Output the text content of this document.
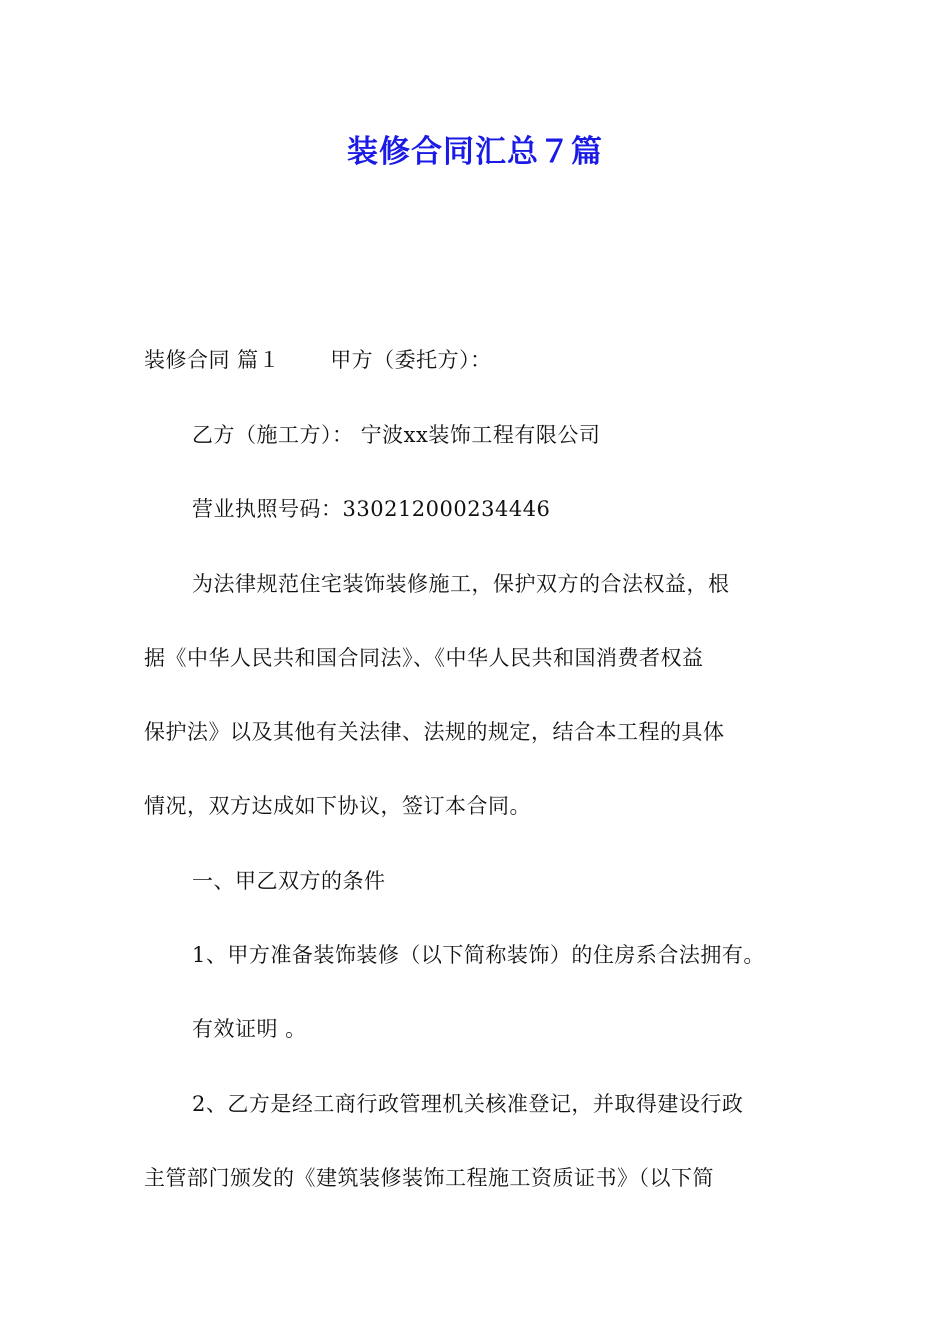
装修合同汇总７篇
装修合同 篇１ 甲方（委托方）：
乙方（施工方）： 宁波xx装饰工程有限公司
营业执照号码：330212000234446
为法律规范住宅装饰装修施工，保护双方的合法权益，根
据《中华人民共和国合同法》、《中华人民共和国消费者权益
保护法》以及其他有关法律、法规的规定，结合本工程的具体
情况，双方达成如下协议，签订本合同。
一、甲乙双方的条件
1、甲方准备装饰装修（以下简称装饰）的住房系合法拥有。
有效证明 。
2、乙方是经工商行政管理机关核准登记，并取得建设行政
主管部门颁发的《建筑装修装饰工程施工资质证书》（以下简
